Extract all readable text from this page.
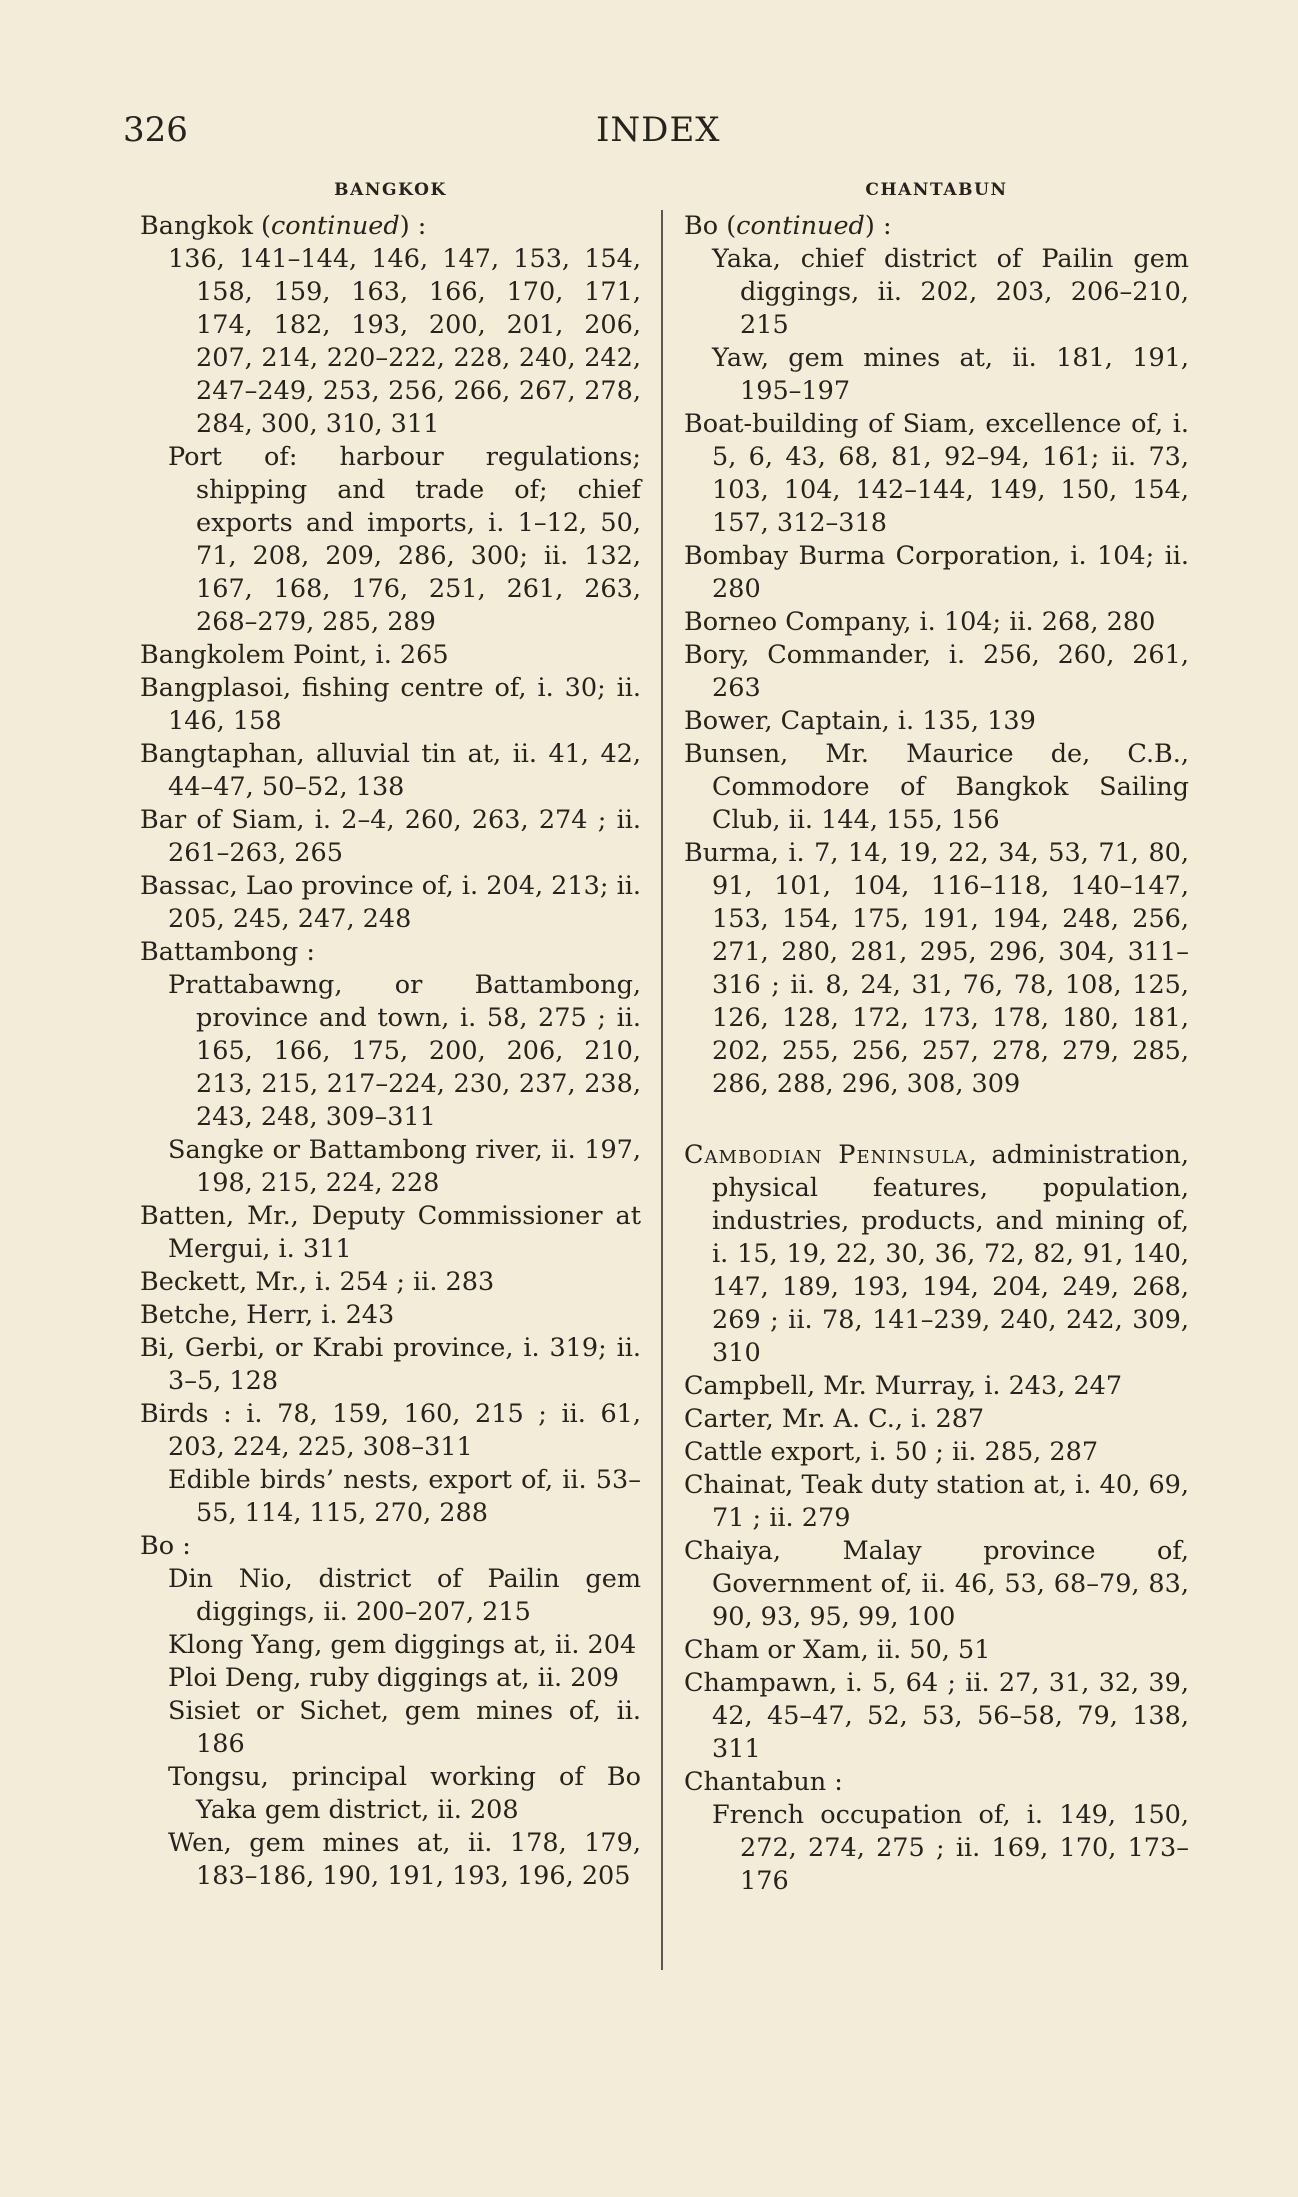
326	INDEX
BANGKOK
Bangkok (continued) :
136, 141–144, 146, 147, 153, 154, 158, 159, 163, 166, 170, 171, 174, 182, 193, 200, 201, 206, 207, 214, 220–222, 228, 240, 242, 247–249, 253, 256, 266, 267, 278, 284, 300, 310, 311
Port of: harbour regulations; shipping and trade of; chief exports and imports, i. 1–12, 50, 71, 208, 209, 286, 300; ii. 132, 167, 168, 176, 251, 261, 263, 268–279, 285, 289
Bangkolem Point, i. 265
Bangplasoi, fishing centre of, i. 30; ii. 146, 158
Bangtaphan, alluvial tin at, ii. 41, 42, 44–47, 50–52, 138
Bar of Siam, i. 2–4, 260, 263, 274 ; ii. 261–263, 265
Bassac, Lao province of, i. 204, 213; ii. 205, 245, 247, 248
Battambong :
Prattabawng, or Battambong, province and town, i. 58, 275 ; ii. 165, 166, 175, 200, 206, 210, 213, 215, 217–224, 230, 237, 238, 243, 248, 309–311
Sangke or Battambong river, ii. 197, 198, 215, 224, 228
Batten, Mr., Deputy Commissioner at Mergui, i. 311
Beckett, Mr., i. 254 ; ii. 283
Betche, Herr, i. 243
Bi, Gerbi, or Krabi province, i. 319; ii. 3–5, 128
Birds : i. 78, 159, 160, 215 ; ii. 61, 203, 224, 225, 308–311
Edible birds’ nests, export of, ii. 53–55, 114, 115, 270, 288
Bo :
Din Nio, district of Pailin gem diggings, ii. 200–207, 215
Klong Yang, gem diggings at, ii. 204
Ploi Deng, ruby diggings at, ii. 209
Sisiet or Sichet, gem mines of, ii. 186
Tongsu, principal working of Bo Yaka gem district, ii. 208
Wen, gem mines at, ii. 178, 179, 183–186, 190, 191, 193, 196, 205
CHANTABUN
Bo (continued) :
Yaka, chief district of Pailin gem diggings, ii. 202, 203, 206–210, 215
Yaw, gem mines at, ii. 181, 191, 195–197
Boat-building of Siam, excellence of, i. 5, 6, 43, 68, 81, 92–94, 161; ii. 73, 103, 104, 142–144, 149, 150, 154, 157, 312–318
Bombay Burma Corporation, i. 104; ii. 280
Borneo Company, i. 104; ii. 268, 280
Bory, Commander, i. 256, 260, 261, 263
Bower, Captain, i. 135, 139
Bunsen, Mr. Maurice de, C.B., Commodore of Bangkok Sailing Club, ii. 144, 155, 156
Burma, i. 7, 14, 19, 22, 34, 53, 71, 80, 91, 101, 104, 116–118, 140–147, 153, 154, 175, 191, 194, 248, 256, 271, 280, 281, 295, 296, 304, 311–316 ; ii. 8, 24, 31, 76, 78, 108, 125, 126, 128, 172, 173, 178, 180, 181, 202, 255, 256, 257, 278, 279, 285, 286, 288, 296, 308, 309
Cambodian Peninsula, administration, physical features, population, industries, products, and mining of, i. 15, 19, 22, 30, 36, 72, 82, 91, 140, 147, 189, 193, 194, 204, 249, 268, 269 ; ii. 78, 141–239, 240, 242, 309, 310
Campbell, Mr. Murray, i. 243, 247
Carter, Mr. A. C., i. 287
Cattle export, i. 50 ; ii. 285, 287
Chainat, Teak duty station at, i. 40, 69, 71 ; ii. 279
Chaiya, Malay province of, Government of, ii. 46, 53, 68–79, 83, 90, 93, 95, 99, 100
Cham or Xam, ii. 50, 51
Champawn, i. 5, 64 ; ii. 27, 31, 32, 39, 42, 45–47, 52, 53, 56–58, 79, 138, 311
Chantabun :
French occupation of, i. 149, 150, 272, 274, 275 ; ii. 169, 170, 173–176
